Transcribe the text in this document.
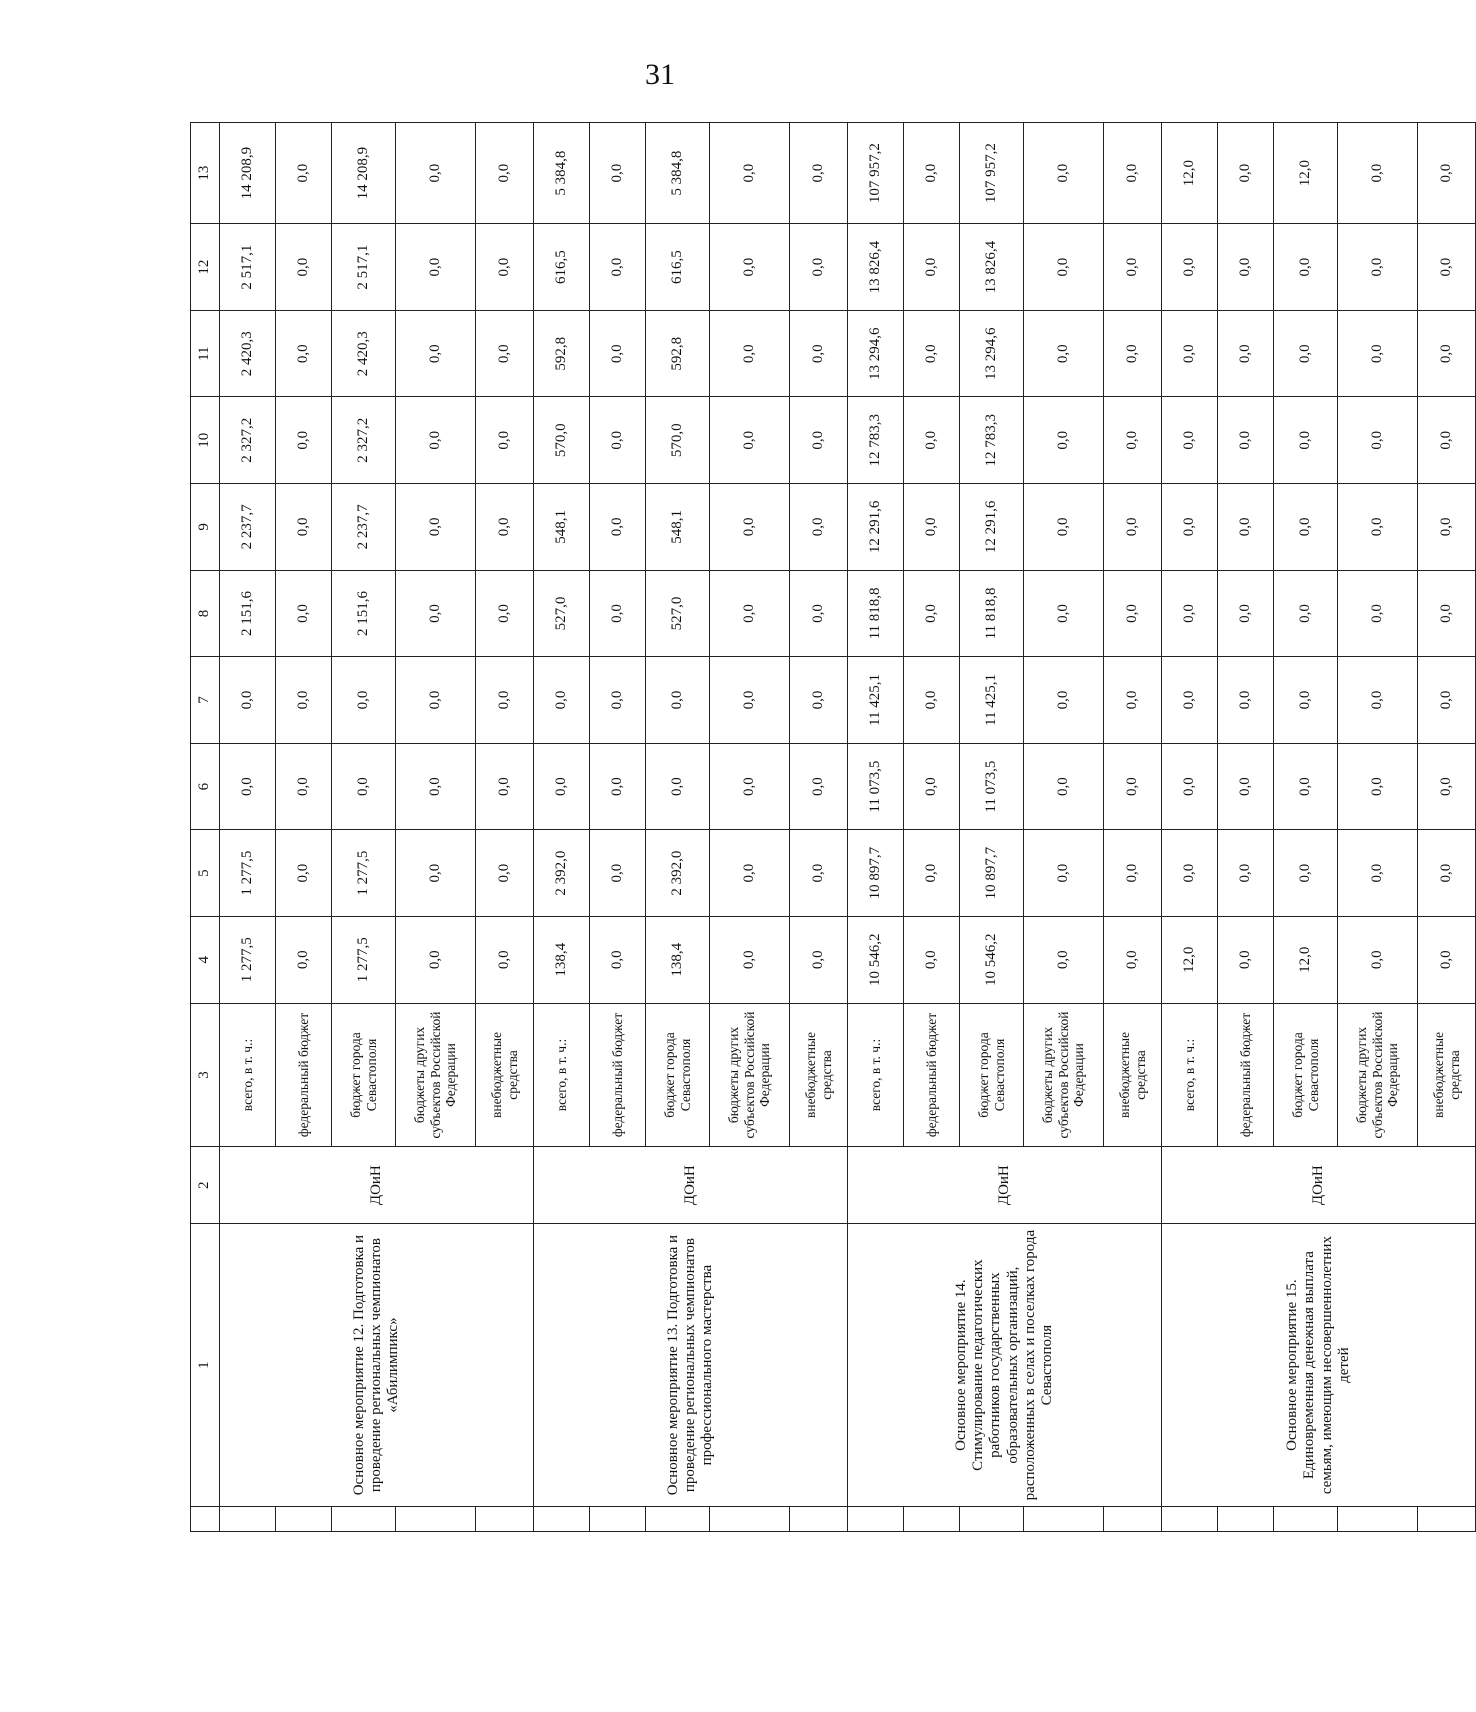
31
	1	2	3	4	5	6	7	8	9	10	11	12	13
	Основное мероприятие 12. Подготовка и проведение региональных чемпионатов «Абилимпикс»	ДОиН	всего, в т. ч.:	1 277,5	1 277,5	0,0	0,0	2 151,6	2 237,7	2 327,2	2 420,3	2 517,1	14 208,9
			федеральный бюджет	0,0	0,0	0,0	0,0	0,0	0,0	0,0	0,0	0,0	0,0
			бюджет города Севастополя	1 277,5	1 277,5	0,0	0,0	2 151,6	2 237,7	2 327,2	2 420,3	2 517,1	14 208,9
			бюджеты других субъектов Российской Федерации	0,0	0,0	0,0	0,0	0,0	0,0	0,0	0,0	0,0	0,0
			внебюджетные средства	0,0	0,0	0,0	0,0	0,0	0,0	0,0	0,0	0,0	0,0
	Основное мероприятие 13. Подготовка и проведение региональных чемпионатов профессионального мастерства	ДОиН	всего, в т. ч.:	138,4	2 392,0	0,0	0,0	527,0	548,1	570,0	592,8	616,5	5 384,8
			федеральный бюджет	0,0	0,0	0,0	0,0	0,0	0,0	0,0	0,0	0,0	0,0
			бюджет города Севастополя	138,4	2 392,0	0,0	0,0	527,0	548,1	570,0	592,8	616,5	5 384,8
			бюджеты других субъектов Российской Федерации	0,0	0,0	0,0	0,0	0,0	0,0	0,0	0,0	0,0	0,0
			внебюджетные средства	0,0	0,0	0,0	0,0	0,0	0,0	0,0	0,0	0,0	0,0
	Основное мероприятие 14. Стимулирование педагогических работников государственных образовательных организаций, расположенных в селах и поселках города Севастополя	ДОиН	всего, в т. ч.:	10 546,2	10 897,7	11 073,5	11 425,1	11 818,8	12 291,6	12 783,3	13 294,6	13 826,4	107 957,2
			федеральный бюджет	0,0	0,0	0,0	0,0	0,0	0,0	0,0	0,0	0,0	0,0
			бюджет города Севастополя	10 546,2	10 897,7	11 073,5	11 425,1	11 818,8	12 291,6	12 783,3	13 294,6	13 826,4	107 957,2
			бюджеты других субъектов Российской Федерации	0,0	0,0	0,0	0,0	0,0	0,0	0,0	0,0	0,0	0,0
			внебюджетные средства	0,0	0,0	0,0	0,0	0,0	0,0	0,0	0,0	0,0	0,0
	Основное мероприятие 15. Единовременная денежная выплата семьям, имеющим несовершеннолетних детей	ДОиН	всего, в т. ч.:	12,0	0,0	0,0	0,0	0,0	0,0	0,0	0,0	0,0	12,0
			федеральный бюджет	0,0	0,0	0,0	0,0	0,0	0,0	0,0	0,0	0,0	0,0
			бюджет города Севастополя	12,0	0,0	0,0	0,0	0,0	0,0	0,0	0,0	0,0	12,0
			бюджеты других субъектов Российской Федерации	0,0	0,0	0,0	0,0	0,0	0,0	0,0	0,0	0,0	0,0
			внебюджетные средства	0,0	0,0	0,0	0,0	0,0	0,0	0,0	0,0	0,0	0,0
